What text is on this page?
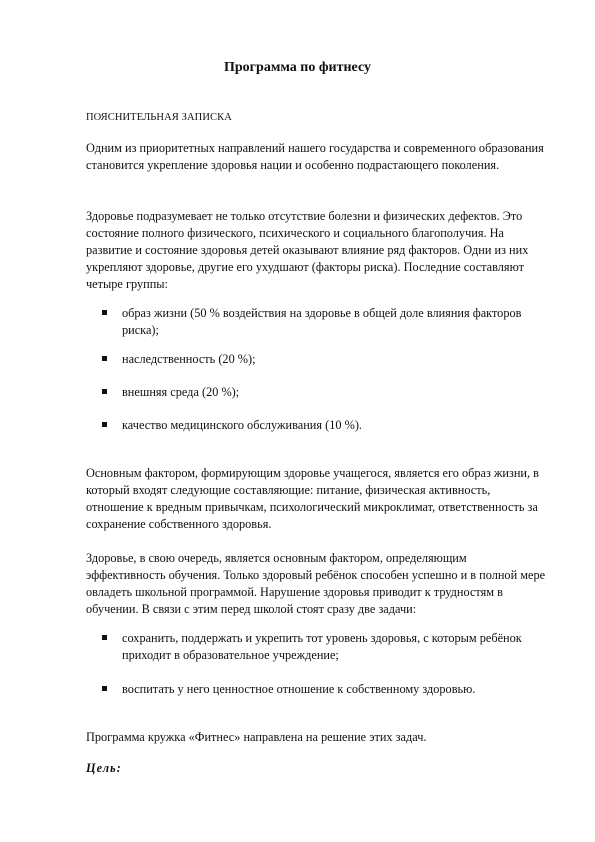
Программа по фитнесу
ПОЯСНИТЕЛЬНАЯ ЗАПИСКА

Одним из приоритетных направлений нашего государства и современного образования становится укрепление здоровья нации и особенно подрастающего поколения.

Здоровье подразумевает не только отсутствие болезни и физических дефектов. Это состояние полного физического, психического и социального благополучия. На развитие и состояние здоровья детей оказывают влияние ряд факторов. Одни из них укрепляют здоровье, другие его ухудшают (факторы риска). Последние составляют четыре группы:

образ жизни (50 % воздействия на здоровье в общей доле влияния факторов риска);
наследственность (20 %);
внешняя среда (20 %);
качество медицинского обслуживания (10 %).

Основным фактором, формирующим здоровье учащегося, является его образ жизни, в который входят следующие составляющие: питание, физическая активность, отношение к вредным привычкам, психологический микроклимат, ответственность за сохранение собственного здоровья.

Здоровье, в свою очередь, является основным фактором, определяющим эффективность обучения. Только здоровый ребёнок способен успешно и в полной мере овладеть школьной программой. Нарушение здоровья приводит к трудностям в обучении. В связи с этим перед школой стоят сразу две задачи:

сохранить, поддержать и укрепить тот уровень здоровья, с которым ребёнок приходит в образовательное учреждение;
воспитать у него ценностное отношение к собственному здоровью.

Программа кружка «Фитнес» направлена на решение этих задач.

Цель:
